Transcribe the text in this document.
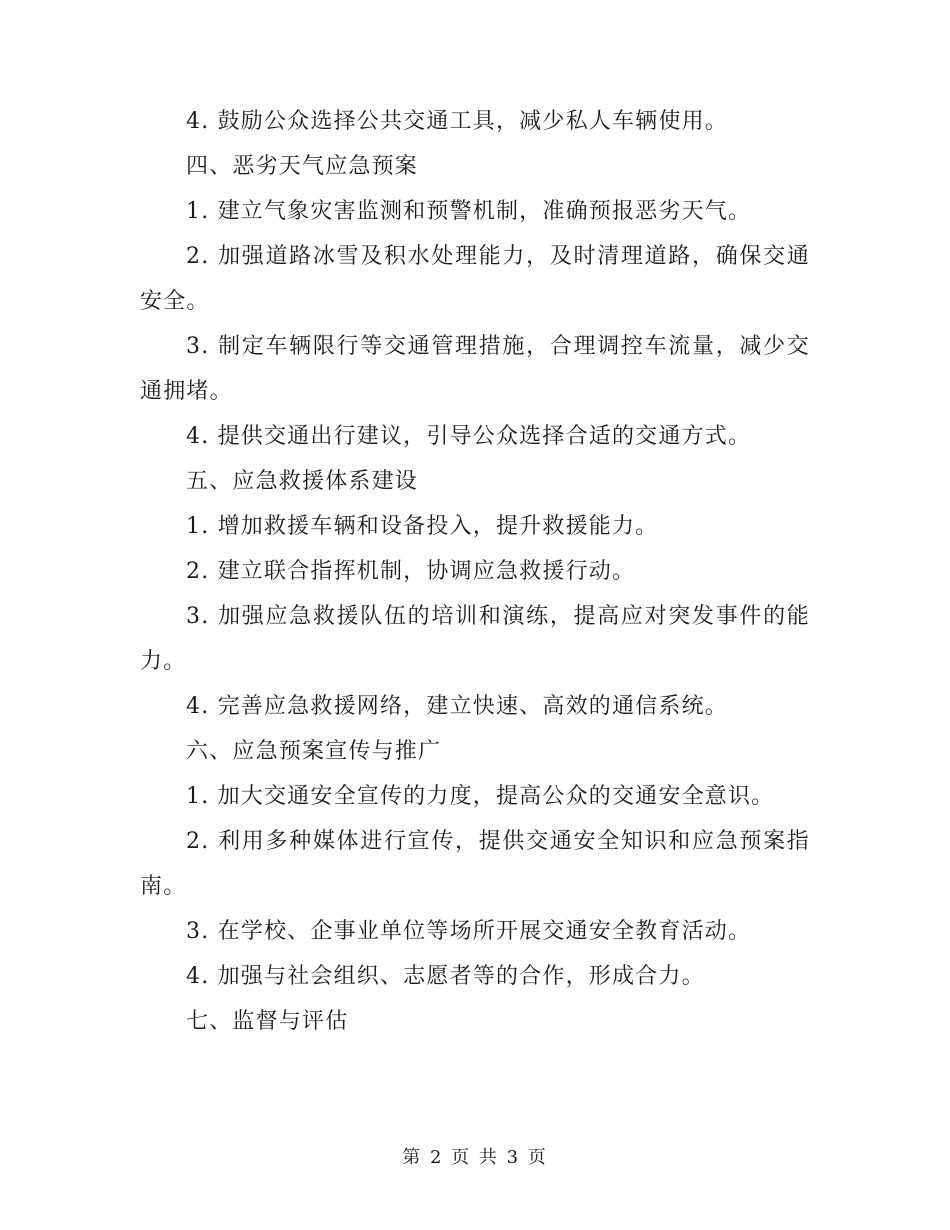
4. 鼓励公众选择公共交通工具，减少私人车辆使用。

四、恶劣天气应急预案

1. 建立气象灾害监测和预警机制，准确预报恶劣天气。

2. 加强道路冰雪及积水处理能力，及时清理道路，确保交通安全。

3. 制定车辆限行等交通管理措施，合理调控车流量，减少交通拥堵。

4. 提供交通出行建议，引导公众选择合适的交通方式。

五、应急救援体系建设

1. 增加救援车辆和设备投入，提升救援能力。

2. 建立联合指挥机制，协调应急救援行动。

3. 加强应急救援队伍的培训和演练，提高应对突发事件的能力。

4. 完善应急救援网络，建立快速、高效的通信系统。

六、应急预案宣传与推广

1. 加大交通安全宣传的力度，提高公众的交通安全意识。

2. 利用多种媒体进行宣传，提供交通安全知识和应急预案指南。

3. 在学校、企事业单位等场所开展交通安全教育活动。

4. 加强与社会组织、志愿者等的合作，形成合力。

七、监督与评估

第 2 页 共 3 页
